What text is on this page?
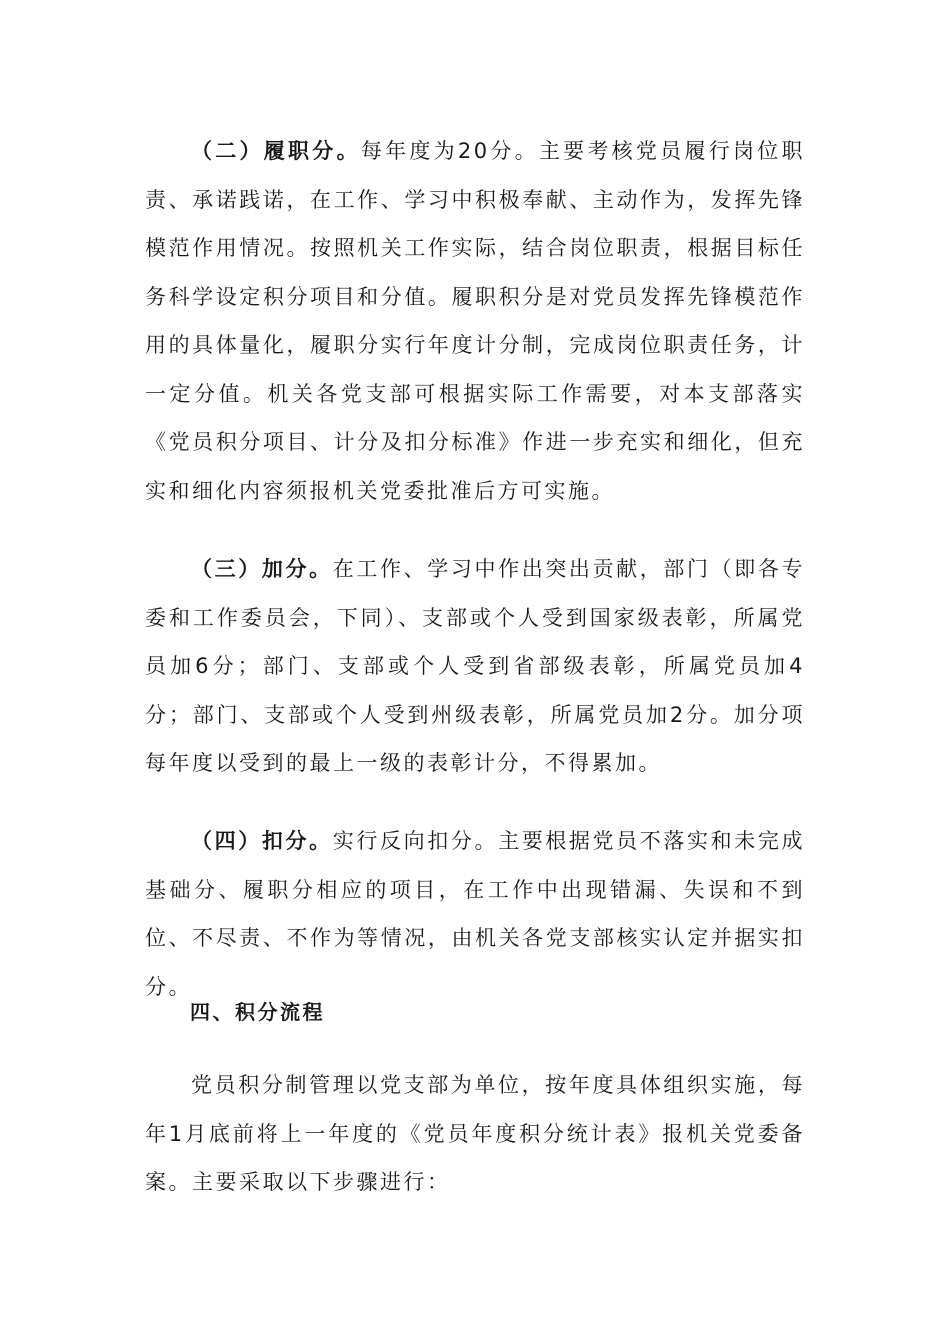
（二）履职分。每年度为20分。主要考核党员履行岗位职责、承诺践诺，在工作、学习中积极奉献、主动作为，发挥先锋模范作用情况。按照机关工作实际，结合岗位职责，根据目标任务科学设定积分项目和分值。履职积分是对党员发挥先锋模范作用的具体量化，履职分实行年度计分制，完成岗位职责任务，计一定分值。机关各党支部可根据实际工作需要，对本支部落实《党员积分项目、计分及扣分标准》作进一步充实和细化，但充实和细化内容须报机关党委批准后方可实施。

（三）加分。在工作、学习中作出突出贡献，部门（即各专委和工作委员会，下同）、支部或个人受到国家级表彰，所属党员加6分；部门、支部或个人受到省部级表彰，所属党员加4分；部门、支部或个人受到州级表彰，所属党员加2分。加分项每年度以受到的最上一级的表彰计分，不得累加。

（四）扣分。实行反向扣分。主要根据党员不落实和未完成基础分、履职分相应的项目，在工作中出现错漏、失误和不到位、不尽责、不作为等情况，由机关各党支部核实认定并据实扣分。

四、积分流程

党员积分制管理以党支部为单位，按年度具体组织实施，每年1月底前将上一年度的《党员年度积分统计表》报机关党委备案。主要采取以下步骤进行：
